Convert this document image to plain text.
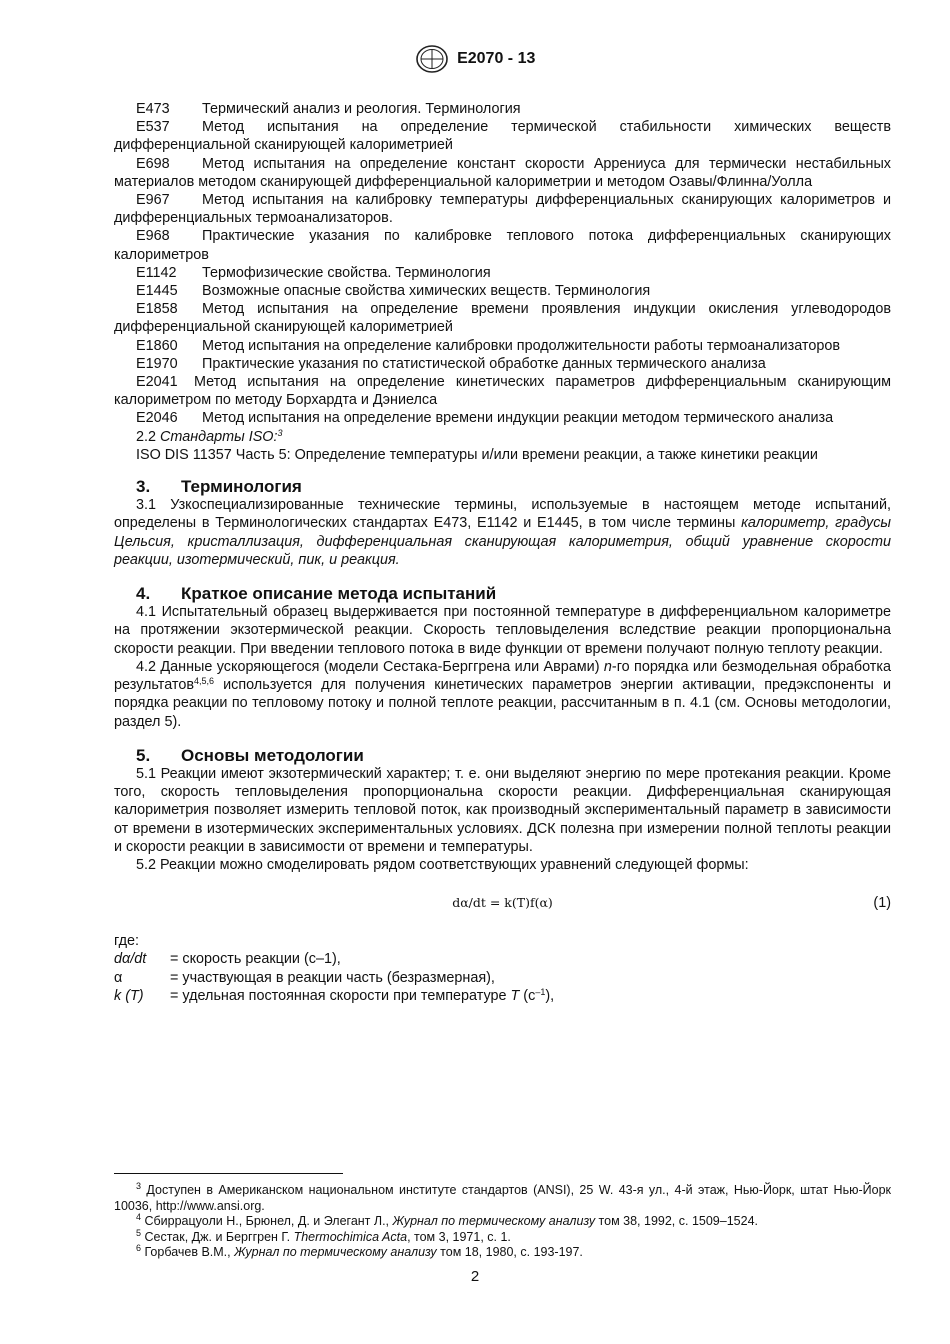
E2070 - 13

E473 Термический анализ и реология. Терминология

E537 Метод испытания на определение термической стабильности химических веществ дифференциальной сканирующей калориметрией

E698 Метод испытания на определение констант скорости Аррениуса для термически нестабильных материалов методом сканирующей дифференциальной калориметрии и методом Озавы/Флинна/Уолла

E967 Метод испытания на калибровку температуры дифференциальных сканирующих калориметров и дифференциальных термоанализаторов.

E968 Практические указания по калибровке теплового потока дифференциальных сканирующих калориметров

E1142 Термофизические свойства. Терминология

E1445 Возможные опасные свойства химических веществ. Терминология

E1858 Метод испытания на определение времени проявления индукции окисления углеводородов дифференциальной сканирующей калориметрией

E1860 Метод испытания на определение калибровки продолжительности работы термоанализаторов

E1970 Практические указания по статистической обработке данных термического анализа

E2041 Метод испытания на определение кинетических параметров дифференциальным сканирующим калориметром по методу Борхардта и Дэниелса

E2046 Метод испытания на определение времени индукции реакции методом термического анализа

2.2 Стандарты ISO:$^3$

ISO DIS 11357 Часть 5: Определение температуры и/или времени реакции, а также кинетики реакции

3. Терминология

3.1 Узкоспециализированные технические термины, используемые в настоящем методе испытаний, определены в Терминологических стандартах E473, E1142 и E1445, в том числе термины калориметр, градусы Цельсия, кристаллизация, дифференциальная сканирующая калориметрия, общий уравнение скорости реакции, изотермический, пик, и реакция.

4. Краткое описание метода испытаний

4.1 Испытательный образец выдерживается при постоянной температуре в дифференциальном калориметре на протяжении экзотермической реакции. Скорость тепловыделения вследствие реакции пропорциональна скорости реакции. При введении теплового потока в виде функции от времени получают полную теплоту реакции.

4.2 Данные ускоряющегося (модели Сестака-Берггрена или Аврами) n-го порядка или безмодельная обработка результатов$^{4,5,6}$ используется для получения кинетических параметров энергии активации, предэкспоненты и порядка реакции по тепловому потоку и полной теплоте реакции, рассчитанным в п. 4.1 (см. Основы методологии, раздел 5).

5. Основы методологии

5.1 Реакции имеют экзотермический характер; т. е. они выделяют энергию по мере протекания реакции. Кроме того, скорость тепловыделения пропорциональна скорости реакции. Дифференциальная сканирующая калориметрия позволяет измерить тепловой поток, как производный экспериментальный параметр в зависимости от времени в изотермических экспериментальных условиях. ДСК полезна при измерении полной теплоты реакции и скорости реакции в зависимости от времени и температуры.

5.2 Реакции можно смоделировать рядом соответствующих уравнений следующей формы:

dα/dt = k(T)f(α)	(1)

где:

dα/dt	= скорость реакции (с–1),
α	= участвующая в реакции часть (безразмерная),
k (T)	= удельная постоянная скорости при температуре T $(с^{-1})$,

$^3$ Доступен в Американском национальном институте стандартов (ANSI), 25 W. 43-я ул., 4-й этаж, Нью-Йорк, штат Нью-Йорк 10036, http://www.ansi.org.

$^4$ Сбиррацуоли Н., Брюнел, Д. и Элегант Л., Журнал по термическому анализу том 38, 1992, с. 1509–1524.

$^5$ Сестак, Дж. и Берггрен Г. Thermochimica Acta, том 3, 1971, с. 1.

$^6$ Горбачев В.М., Журнал по термическому анализу том 18, 1980, с. 193-197.

2
